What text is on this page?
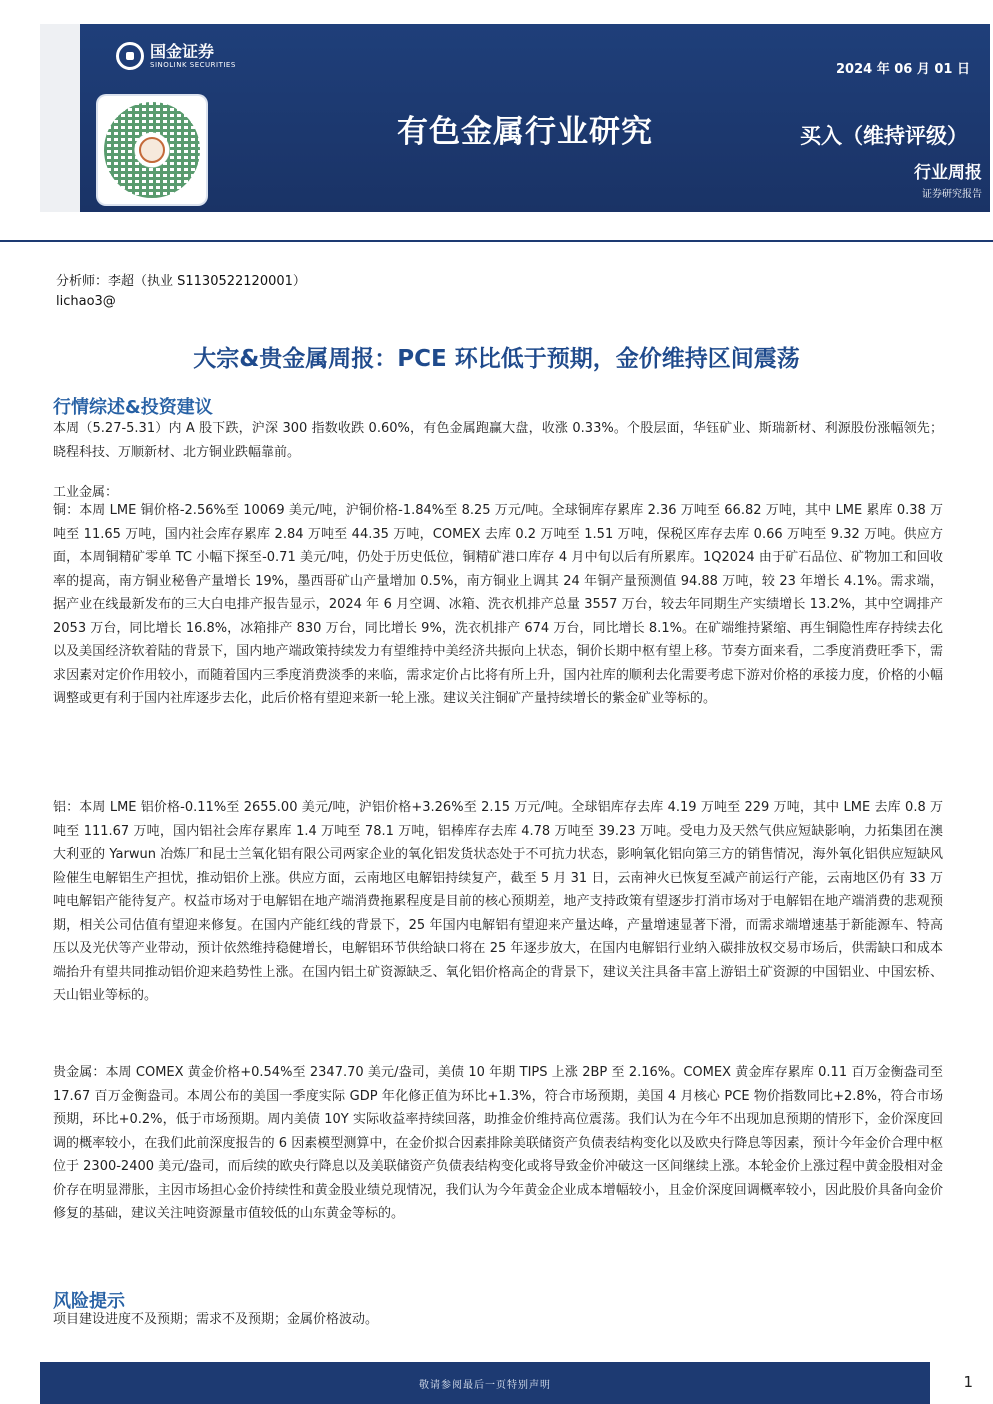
国金证券
SINOLINK SECURITIES	2024 年 06 月 01 日
有色金属行业研究	买入（维持评级）
行业周报
证券研究报告
分析师：李超（执业 S1130522120001）
lichao3@
大宗&贵金属周报：PCE 环比低于预期，金价维持区间震荡
行情综述&投资建议
本周（5.27-5.31）内 A 股下跌，沪深 300 指数收跌 0.60%，有色金属跑赢大盘，收涨 0.33%。个股层面，华钰矿业、斯瑞新材、利源股份涨幅领先；晓程科技、万顺新材、北方铜业跌幅靠前。
工业金属：
铜：本周 LME 铜价格-2.56%至 10069 美元/吨，沪铜价格-1.84%至 8.25 万元/吨。全球铜库存累库 2.36 万吨至 66.82 万吨，其中 LME 累库 0.38 万吨至 11.65 万吨，国内社会库存累库 2.84 万吨至 44.35 万吨，COMEX 去库 0.2 万吨至 1.51 万吨，保税区库存去库 0.66 万吨至 9.32 万吨。供应方面，本周铜精矿零单 TC 小幅下探至-0.71 美元/吨，仍处于历史低位，铜精矿港口库存 4 月中旬以后有所累库。1Q2024 由于矿石品位、矿物加工和回收率的提高，南方铜业秘鲁产量增长 19%，墨西哥矿山产量增加 0.5%，南方铜业上调其 24 年铜产量预测值 94.88 万吨，较 23 年增长 4.1%。需求端，据产业在线最新发布的三大白电排产报告显示，2024 年 6 月空调、冰箱、洗衣机排产总量 3557 万台，较去年同期生产实绩增长 13.2%，其中空调排产 2053 万台，同比增长 16.8%，冰箱排产 830 万台，同比增长 9%，洗衣机排产 674 万台，同比增长 8.1%。在矿端维持紧缩、再生铜隐性库存持续去化以及美国经济软着陆的背景下，国内地产端政策持续发力有望维持中美经济共振向上状态，铜价长期中枢有望上移。节奏方面来看，二季度消费旺季下，需求因素对定价作用较小，而随着国内三季度消费淡季的来临，需求定价占比将有所上升，国内社库的顺利去化需要考虑下游对价格的承接力度，价格的小幅调整或更有利于国内社库逐步去化，此后价格有望迎来新一轮上涨。建议关注铜矿产量持续增长的紫金矿业等标的。
铝：本周 LME 铝价格-0.11%至 2655.00 美元/吨，沪铝价格+3.26%至 2.15 万元/吨。全球铝库存去库 4.19 万吨至 229 万吨，其中 LME 去库 0.8 万吨至 111.67 万吨，国内铝社会库存累库 1.4 万吨至 78.1 万吨，铝棒库存去库 4.78 万吨至 39.23 万吨。受电力及天然气供应短缺影响，力拓集团在澳大利亚的 Yarwun 冶炼厂和昆士兰氧化铝有限公司两家企业的氧化铝发货状态处于不可抗力状态，影响氧化铝向第三方的销售情况，海外氧化铝供应短缺风险催生电解铝生产担忧，推动铝价上涨。供应方面，云南地区电解铝持续复产，截至 5 月 31 日，云南神火已恢复至减产前运行产能，云南地区仍有 33 万吨电解铝产能待复产。权益市场对于电解铝在地产端消费拖累程度是目前的核心预期差，地产支持政策有望逐步打消市场对于电解铝在地产端消费的悲观预期，相关公司估值有望迎来修复。在国内产能红线的背景下，25 年国内电解铝有望迎来产量达峰，产量增速显著下滑，而需求端增速基于新能源车、特高压以及光伏等产业带动，预计依然维持稳健增长，电解铝环节供给缺口将在 25 年逐步放大，在国内电解铝行业纳入碳排放权交易市场后，供需缺口和成本端抬升有望共同推动铝价迎来趋势性上涨。在国内铝土矿资源缺乏、氧化铝价格高企的背景下，建议关注具备丰富上游铝土矿资源的中国铝业、中国宏桥、天山铝业等标的。
贵金属：本周 COMEX 黄金价格+0.54%至 2347.70 美元/盎司，美债 10 年期 TIPS 上涨 2BP 至 2.16%。COMEX 黄金库存累库 0.11 百万金衡盎司至 17.67 百万金衡盎司。本周公布的美国一季度实际 GDP 年化修正值为环比+1.3%，符合市场预期，美国 4 月核心 PCE 物价指数同比+2.8%，符合市场预期，环比+0.2%，低于市场预期。周内美债 10Y 实际收益率持续回落，助推金价维持高位震荡。我们认为在今年不出现加息预期的情形下，金价深度回调的概率较小，在我们此前深度报告的 6 因素模型测算中，在金价拟合因素排除美联储资产负债表结构变化以及欧央行降息等因素，预计今年金价合理中枢位于 2300-2400 美元/盎司，而后续的欧央行降息以及美联储资产负债表结构变化或将导致金价冲破这一区间继续上涨。本轮金价上涨过程中黄金股相对金价存在明显滞胀，主因市场担心金价持续性和黄金股业绩兑现情况，我们认为今年黄金企业成本增幅较小，且金价深度回调概率较小，因此股价具备向金价修复的基础，建议关注吨资源量市值较低的山东黄金等标的。
风险提示
项目建设进度不及预期；需求不及预期；金属价格波动。
敬请参阅最后一页特别声明	1
